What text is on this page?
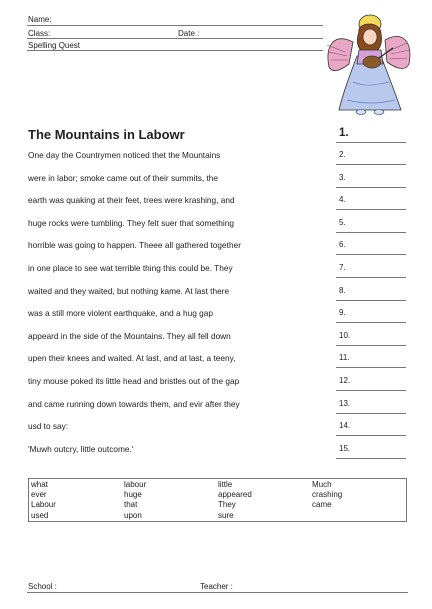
Name:
Class:	Date :
Spelling Quest
The Mountains in Labowr
One day the Countrymen noticed thet the Mountains
were in labor; smoke came out of their summits, the
earth was quaking at their feet, trees were krashing, and
huge rocks were tumbling. They felt suer that something
horrible was going to happen. Theee all gathered together
in one place to see wat terrible thing this could be. They
waited and they waited, but nothing kame. At last there
was a still more violent earthquake, and a hug gap
appeard in the side of the Mountains. They all fell down
upen their knees and waited. At last, and at last, a teeny,
tiny mouse poked its little head and bristles out of the gap
and came running down towards them, and evir after they
usd to say:
'Muwh outcry, little outcome.'
1.
2.
3.
4.
5.
6.
7.
8.
9.
10.
11.
12.
13.
14.
15.
what	labour	little	Much
ever	huge	appeared	crashing
Labour	that	They	came
used	upon	sure
School :	Teacher :
